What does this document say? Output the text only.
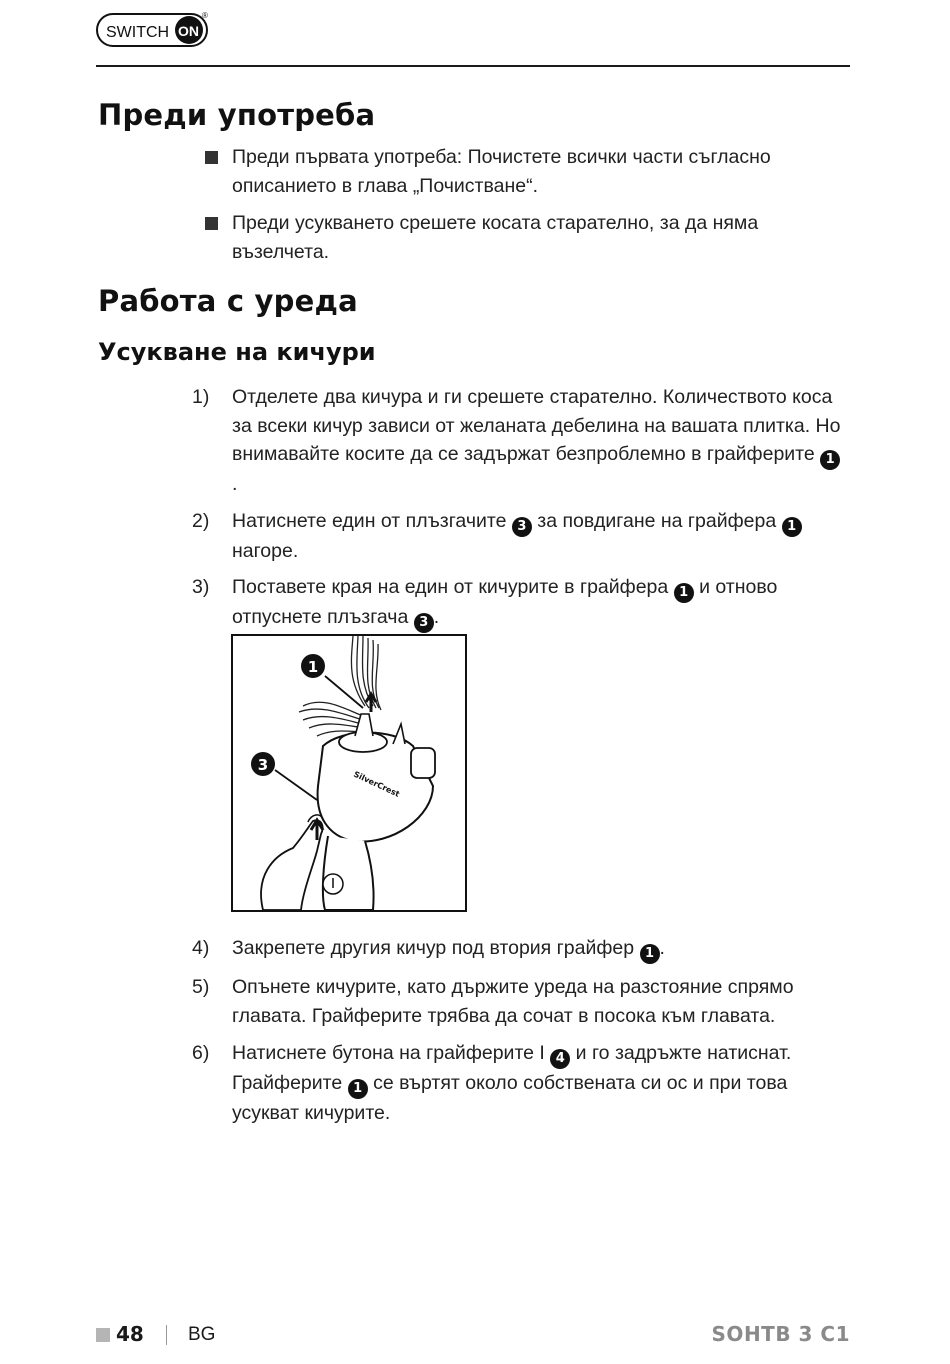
SWITCH ON
®
Преди употреба
Преди първата употреба: Почистете всички части съгласно описанието в глава „Почистване“.
Преди усукването срешете косата старателно, за да няма възелчета.
Работа с уреда
Усукване на кичури
1) Отделете два кичура и ги срешете старателно. Количеството коса за всеки кичур зависи от желаната дебелина на вашата плитка. Но внимавайте косите да се задържат безпроблемно в грайферите 1.
2) Натиснете един от плъзгачите 3 за повдигане на грайфера 1 нагоре.
3) Поставете края на един от кичурите в грайфера 1 и отново отпуснете плъзгача 3 .
SilverCrest
1
3
4) Закрепете другия кичур под втория грайфер 1 .
5) Опънете кичурите, като държите уреда на разстояние спрямо главата. Грайферите трябва да сочат в посока към главата.
6) Натиснете бутона на грайферите I 4 и го задръжте натиснат. Грайферите 1 се въртят около собствената си ос и при това усукват кичурите.
48 BG	SOHTB 3 C1
